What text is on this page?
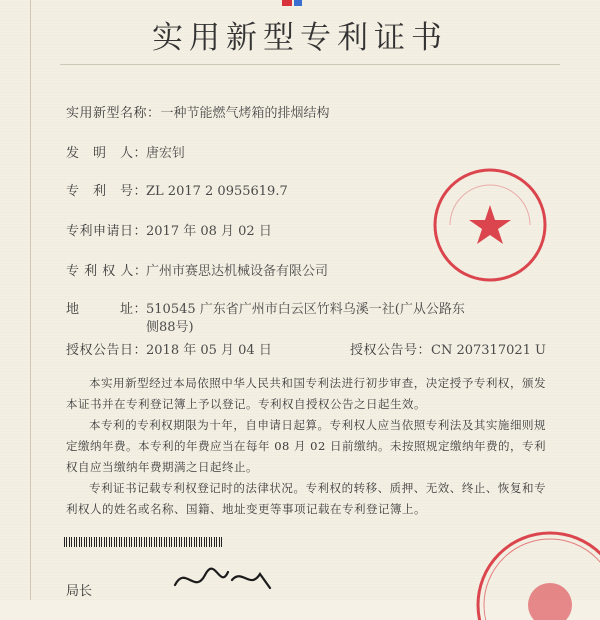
实用新型专利证书
实用新型名称：一种节能燃气烤箱的排烟结构
发　明　人：唐宏钊
专　利　号：ZL 2017 2 0955619.7
专利申请日：2017 年 08 月 02 日
专 利 权 人：广州市赛思达机械设备有限公司
地　　　址：
510545 广东省广州市白云区竹料乌溪一社(广从公路东侧88号)
授权公告日：2018 年 05 月 04 日	授权公告号：CN 207317021 U
本实用新型经过本局依照中华人民共和国专利法进行初步审查，决定授予专利权，颁发本证书并在专利登记簿上予以登记。专利权自授权公告之日起生效。
本专利的专利权期限为十年，自申请日起算。专利权人应当依照专利法及其实施细则规定缴纳年费。本专利的年费应当在每年 08 月 02 日前缴纳。未按照规定缴纳年费的，专利权自应当缴纳年费期满之日起终止。
专利证书记载专利权登记时的法律状况。专利权的转移、质押、无效、终止、恢复和专利权人的姓名或名称、国籍、地址变更等事项记载在专利登记簿上。
局长
